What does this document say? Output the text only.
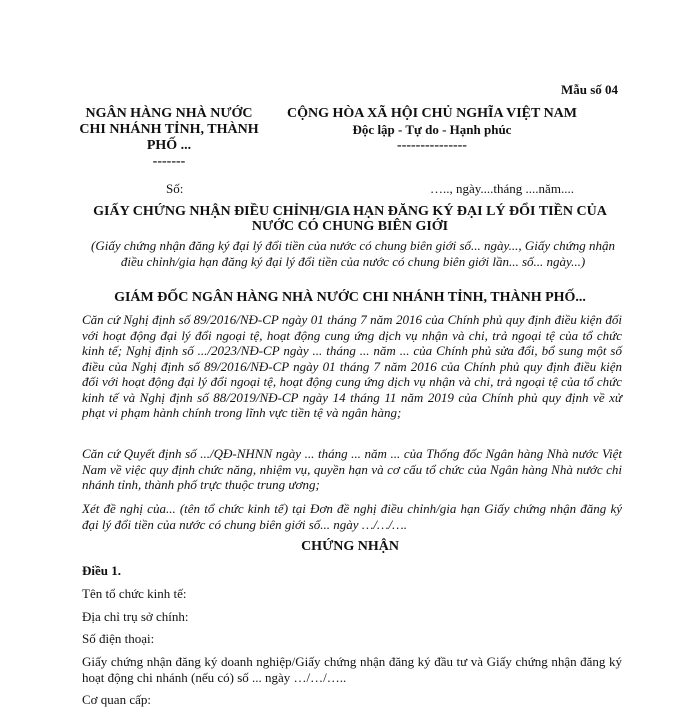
Mẫu số 04
NGÂN HÀNG NHÀ NƯỚC
CHI NHÁNH TỈNH, THÀNH
PHỐ ...
-------
CỘNG HÒA XÃ HỘI CHỦ NGHĨA VIỆT NAM
Độc lập - Tự do - Hạnh phúc
---------------
Số:	….., ngày....tháng ....năm....
GIẤY CHỨNG NHẬN ĐIỀU CHỈNH/GIA HẠN ĐĂNG KÝ ĐẠI LÝ ĐỔI TIỀN CỦA NƯỚC CÓ CHUNG BIÊN GIỚI
(Giấy chứng nhận đăng ký đại lý đổi tiền của nước có chung biên giới số... ngày..., Giấy chứng nhận điều chỉnh/gia hạn đăng ký đại lý đổi tiền của nước có chung biên giới lần... số... ngày...)
GIÁM ĐỐC NGÂN HÀNG NHÀ NƯỚC CHI NHÁNH TỈNH, THÀNH PHỐ...
Căn cứ Nghị định số 89/2016/NĐ-CP ngày 01 tháng 7 năm 2016 của Chính phủ quy định điều kiện đối với hoạt động đại lý đổi ngoại tệ, hoạt động cung ứng dịch vụ nhận và chi, trả ngoại tệ của tổ chức kinh tế; Nghị định số .../2023/NĐ-CP ngày ... tháng ... năm ... của Chính phủ sửa đổi, bổ sung một số điều của Nghị định số 89/2016/NĐ-CP ngày 01 tháng 7 năm 2016 của Chính phủ quy định điều kiện đối với hoạt động đại lý đổi ngoại tệ, hoạt động cung ứng dịch vụ nhận và chi, trả ngoại tệ của tổ chức kinh tế và Nghị định số 88/2019/NĐ-CP ngày 14 tháng 11 năm 2019 của Chính phủ quy định về xử phạt vi phạm hành chính trong lĩnh vực tiền tệ và ngân hàng;
Căn cứ Quyết định số .../QĐ-NHNN ngày ... tháng ... năm ... của Thống đốc Ngân hàng Nhà nước Việt Nam về việc quy định chức năng, nhiệm vụ, quyền hạn và cơ cấu tổ chức của Ngân hàng Nhà nước chi nhánh tỉnh, thành phố trực thuộc trung ương;
Xét đề nghị của... (tên tổ chức kinh tế) tại Đơn đề nghị điều chỉnh/gia hạn Giấy chứng nhận đăng ký đại lý đổi tiền của nước có chung biên giới số... ngày …/…/….
CHỨNG NHẬN
Điều 1.
Tên tổ chức kinh tế:
Địa chỉ trụ sở chính:
Số điện thoại:
Giấy chứng nhận đăng ký doanh nghiệp/Giấy chứng nhận đăng ký đầu tư và Giấy chứng nhận đăng ký hoạt động chi nhánh (nếu có) số ... ngày …/…/…..
Cơ quan cấp:
